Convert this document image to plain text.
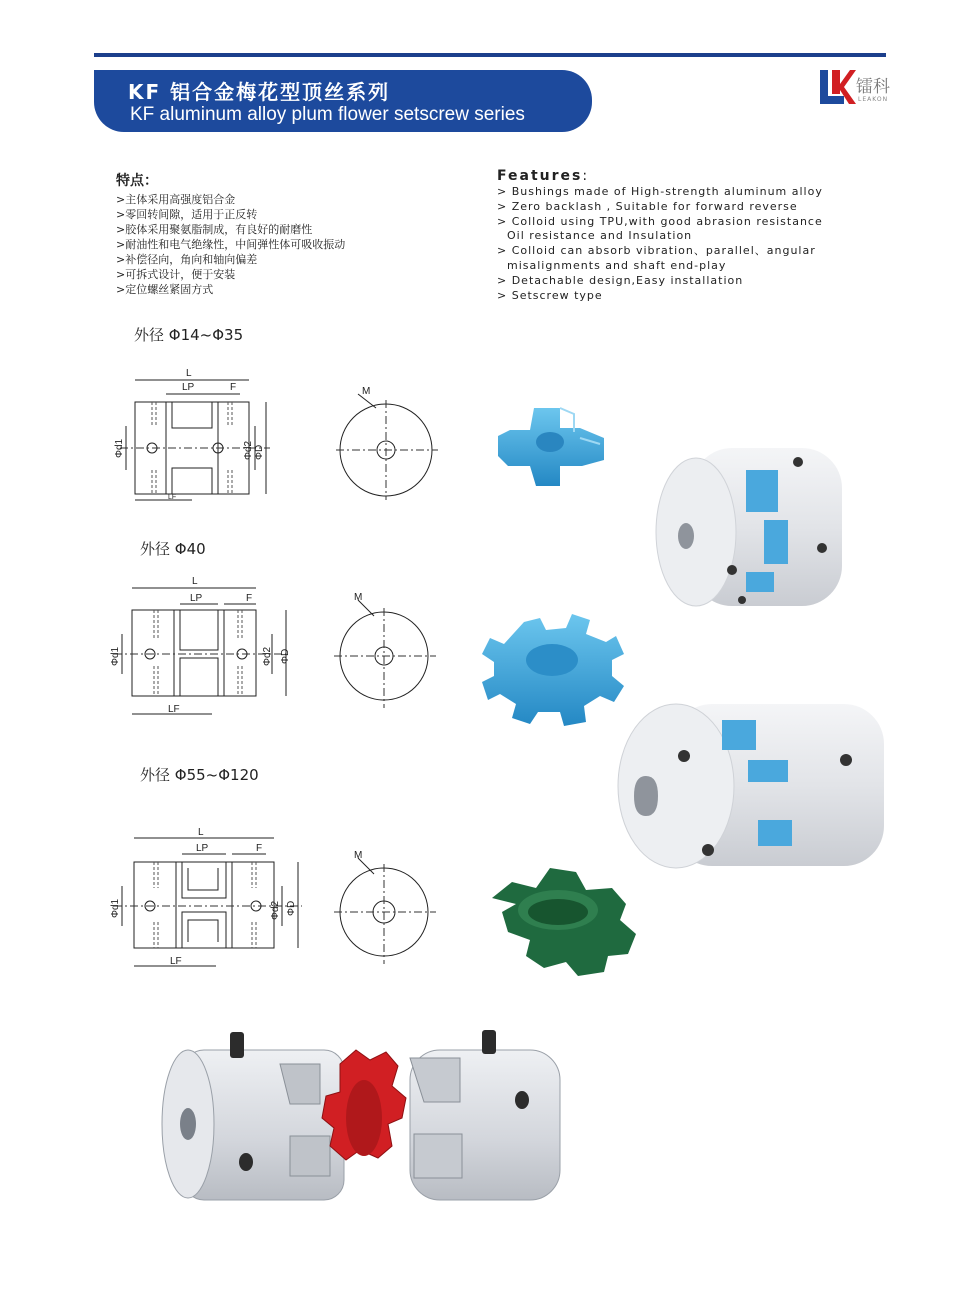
KF 铝合金梅花型顶丝系列
KF aluminum alloy plum flower setscrew series
镭科
LEAKON
特点：
>主体采用高强度铝合金
>零回转间隙，适用于正反转
>胶体采用聚氨脂制成，有良好的耐磨性
>耐油性和电气绝缘性，中间弹性体可吸收振动
>补偿径向，角向和轴向偏差
>可拆式设计，便于安装
>定位螺丝紧固方式
Features:
> Bushings made of High-strength aluminum alloy
> Zero backlash , Suitable for forward reverse
> Colloid using TPU,with good abrasion resistance
Oil resistance and Insulation
> Colloid can absorb vibration、parallel、angular
misalignments and shaft end-play
> Detachable design,Easy installation
> Setscrew type
外径 Φ14~Φ35
外径 Φ40
外径 Φ55~Φ120
L
LP	F
LF
Φd1	Φd2 ΦD
M
L
LP	F
LF
Φd1	Φd2 ΦD
M
L
LP	F
LF
Φd1	Φd2 ΦD
M
